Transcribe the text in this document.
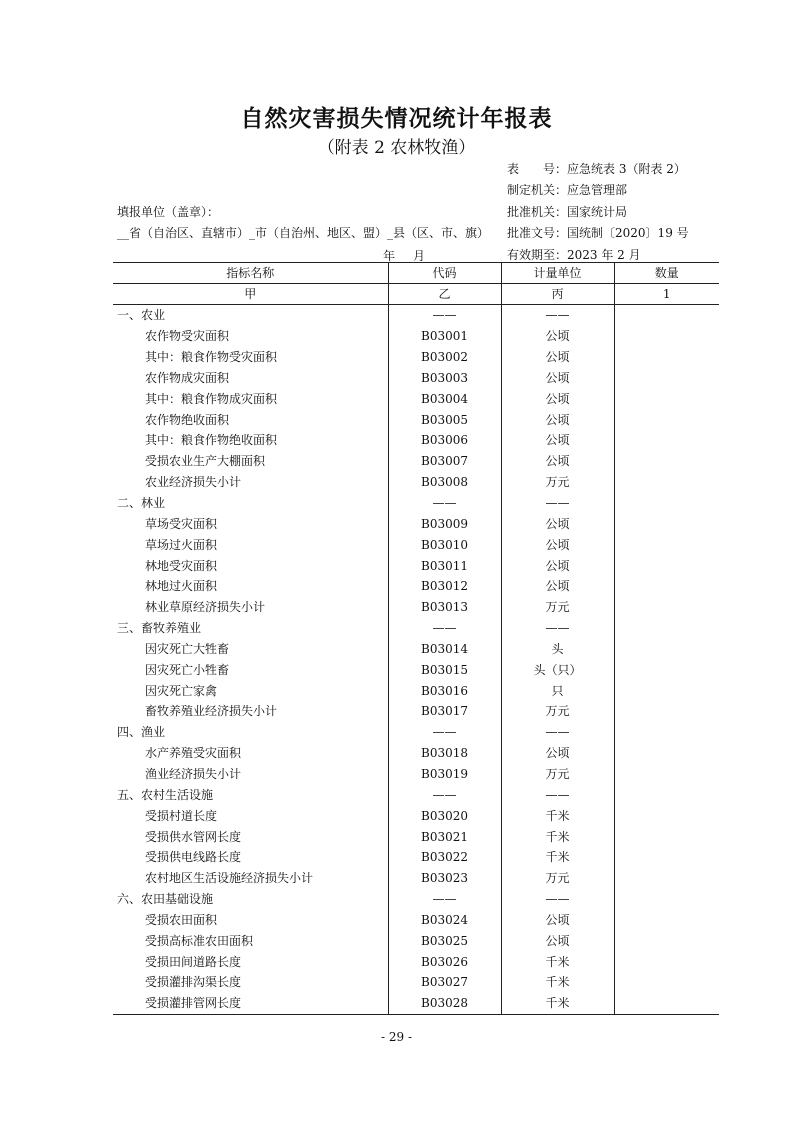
自然灾害损失情况统计年报表
（附表 2 农林牧渔）
表　　号：应急统表 3（附表 2）
制定机关：应急管理部
批准机关：国家统计局
批准文号：国统制〔2020〕19 号
有效期至：2023 年 2 月
填报单位（盖章）：
__省（自治区、直辖市）_市（自治州、地区、盟）_县（区、市、旗）
年 月
指标名称	代码	计量单位	数量
甲	乙	丙	1
一、农业	——	——	
农作物受灾面积	B03001	公顷	
其中：粮食作物受灾面积	B03002	公顷	
农作物成灾面积	B03003	公顷	
其中：粮食作物成灾面积	B03004	公顷	
农作物绝收面积	B03005	公顷	
其中：粮食作物绝收面积	B03006	公顷	
受损农业生产大棚面积	B03007	公顷	
农业经济损失小计	B03008	万元	
二、林业	——	——	
草场受灾面积	B03009	公顷	
草场过火面积	B03010	公顷	
林地受灾面积	B03011	公顷	
林地过火面积	B03012	公顷	
林业草原经济损失小计	B03013	万元	
三、畜牧养殖业	——	——	
因灾死亡大牲畜	B03014	头	
因灾死亡小牲畜	B03015	头（只）	
因灾死亡家禽	B03016	只	
畜牧养殖业经济损失小计	B03017	万元	
四、渔业	——	——	
水产养殖受灾面积	B03018	公顷	
渔业经济损失小计	B03019	万元	
五、农村生活设施	——	——	
受损村道长度	B03020	千米	
受损供水管网长度	B03021	千米	
受损供电线路长度	B03022	千米	
农村地区生活设施经济损失小计	B03023	万元	
六、农田基础设施	——	——	
受损农田面积	B03024	公顷	
受损高标准农田面积	B03025	公顷	
受损田间道路长度	B03026	千米	
受损灌排沟渠长度	B03027	千米	
受损灌排管网长度	B03028	千米	
- 29 -
